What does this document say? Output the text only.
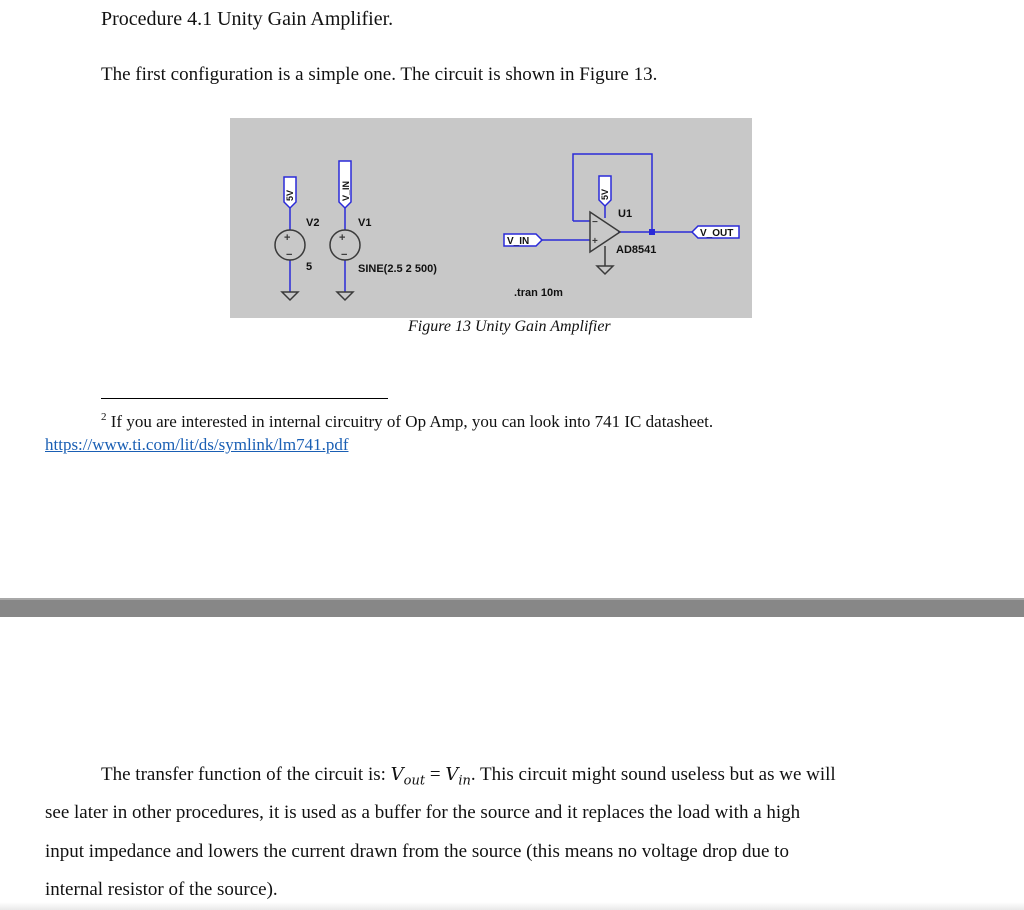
Procedure 4.1 Unity Gain Amplifier.
The first configuration is a simple one. The circuit is shown in Figure 13.
5V
+
−
V2
5
V_IN
+
−
V1
SINE(2.5 2 500)
5V
−
+
U1
AD8541
V_IN
V_OUT
.tran 10m
Figure 13 Unity Gain Amplifier
$^2$ If you are interested in internal circuitry of Op Amp, you can look into 741 IC datasheet.
https://www.ti.com/lit/ds/symlink/lm741.pdf
The transfer function of the circuit is: $V_{out} = V_{in}$. This circuit might sound useless but as we will
see later in other procedures, it is used as a buffer for the source and it replaces the load with a high
input impedance and lowers the current drawn from the source (this means no voltage drop due to
internal resistor of the source).
